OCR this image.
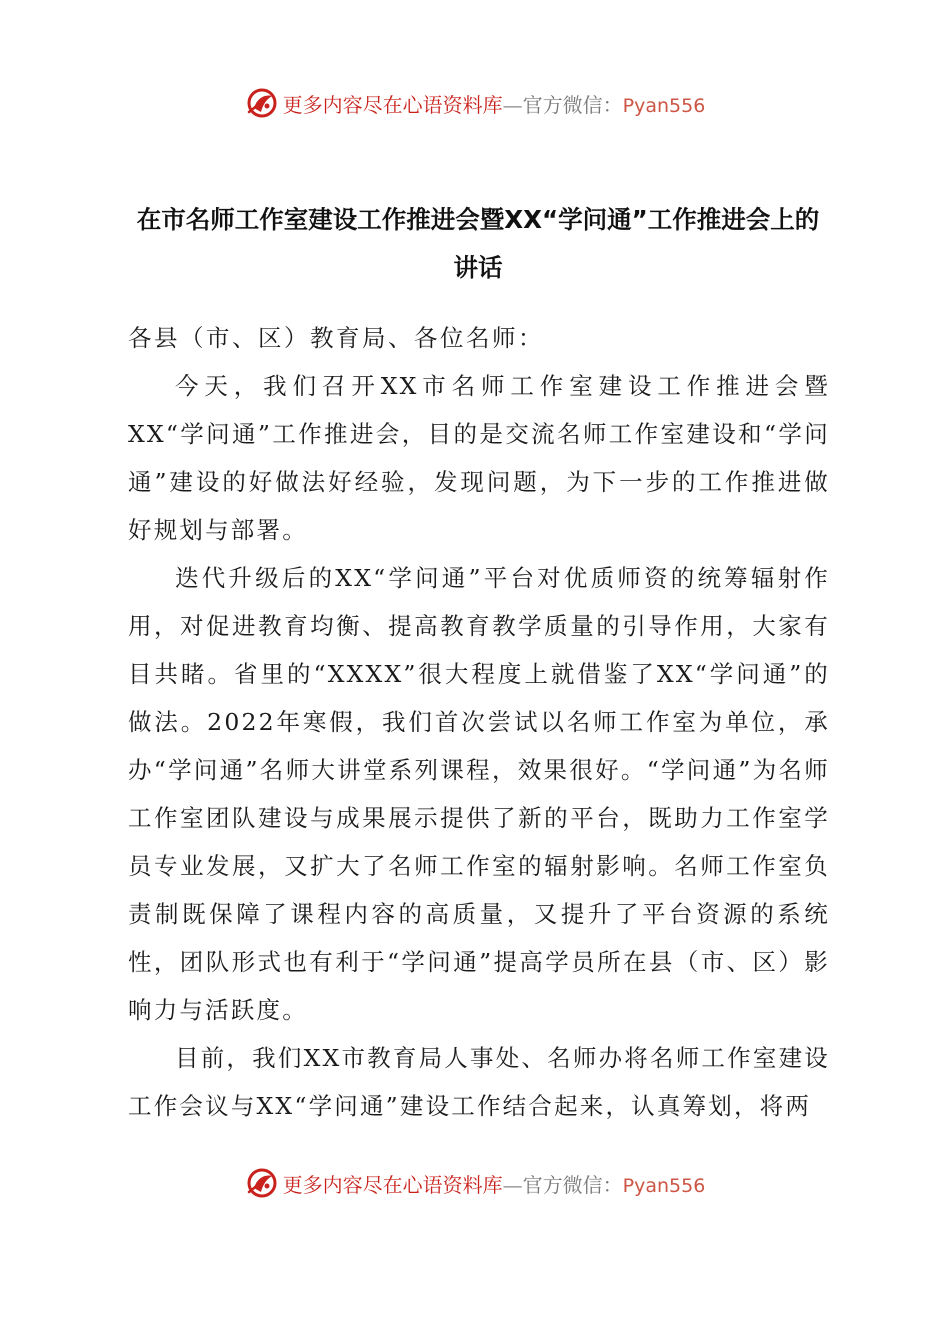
更多内容尽在心语资料库—官方微信：Pyan556
在市名师工作室建设工作推进会暨XX“学问通”工作推进会上的讲话

各县（市、区）教育局、各位名师：

今天，我们召开XX市名师工作室建设工作推进会暨XX“学问通”工作推进会，目的是交流名师工作室建设和“学问通”建设的好做法好经验，发现问题，为下一步的工作推进做好规划与部署。

迭代升级后的XX“学问通”平台对优质师资的统筹辐射作用，对促进教育均衡、提高教育教学质量的引导作用，大家有目共睹。省里的“XXXX”很大程度上就借鉴了XX“学问通”的做法。2022年寒假，我们首次尝试以名师工作室为单位，承办“学问通”名师大讲堂系列课程，效果很好。“学问通”为名师工作室团队建设与成果展示提供了新的平台，既助力工作室学员专业发展，又扩大了名师工作室的辐射影响。名师工作室负责制既保障了课程内容的高质量，又提升了平台资源的系统性，团队形式也有利于“学问通”提高学员所在县（市、区）影响力与活跃度。

目前，我们XX市教育局人事处、名师办将名师工作室建设工作会议与XX“学问通”建设工作结合起来，认真筹划，将两

更多内容尽在心语资料库—官方微信：Pyan556
